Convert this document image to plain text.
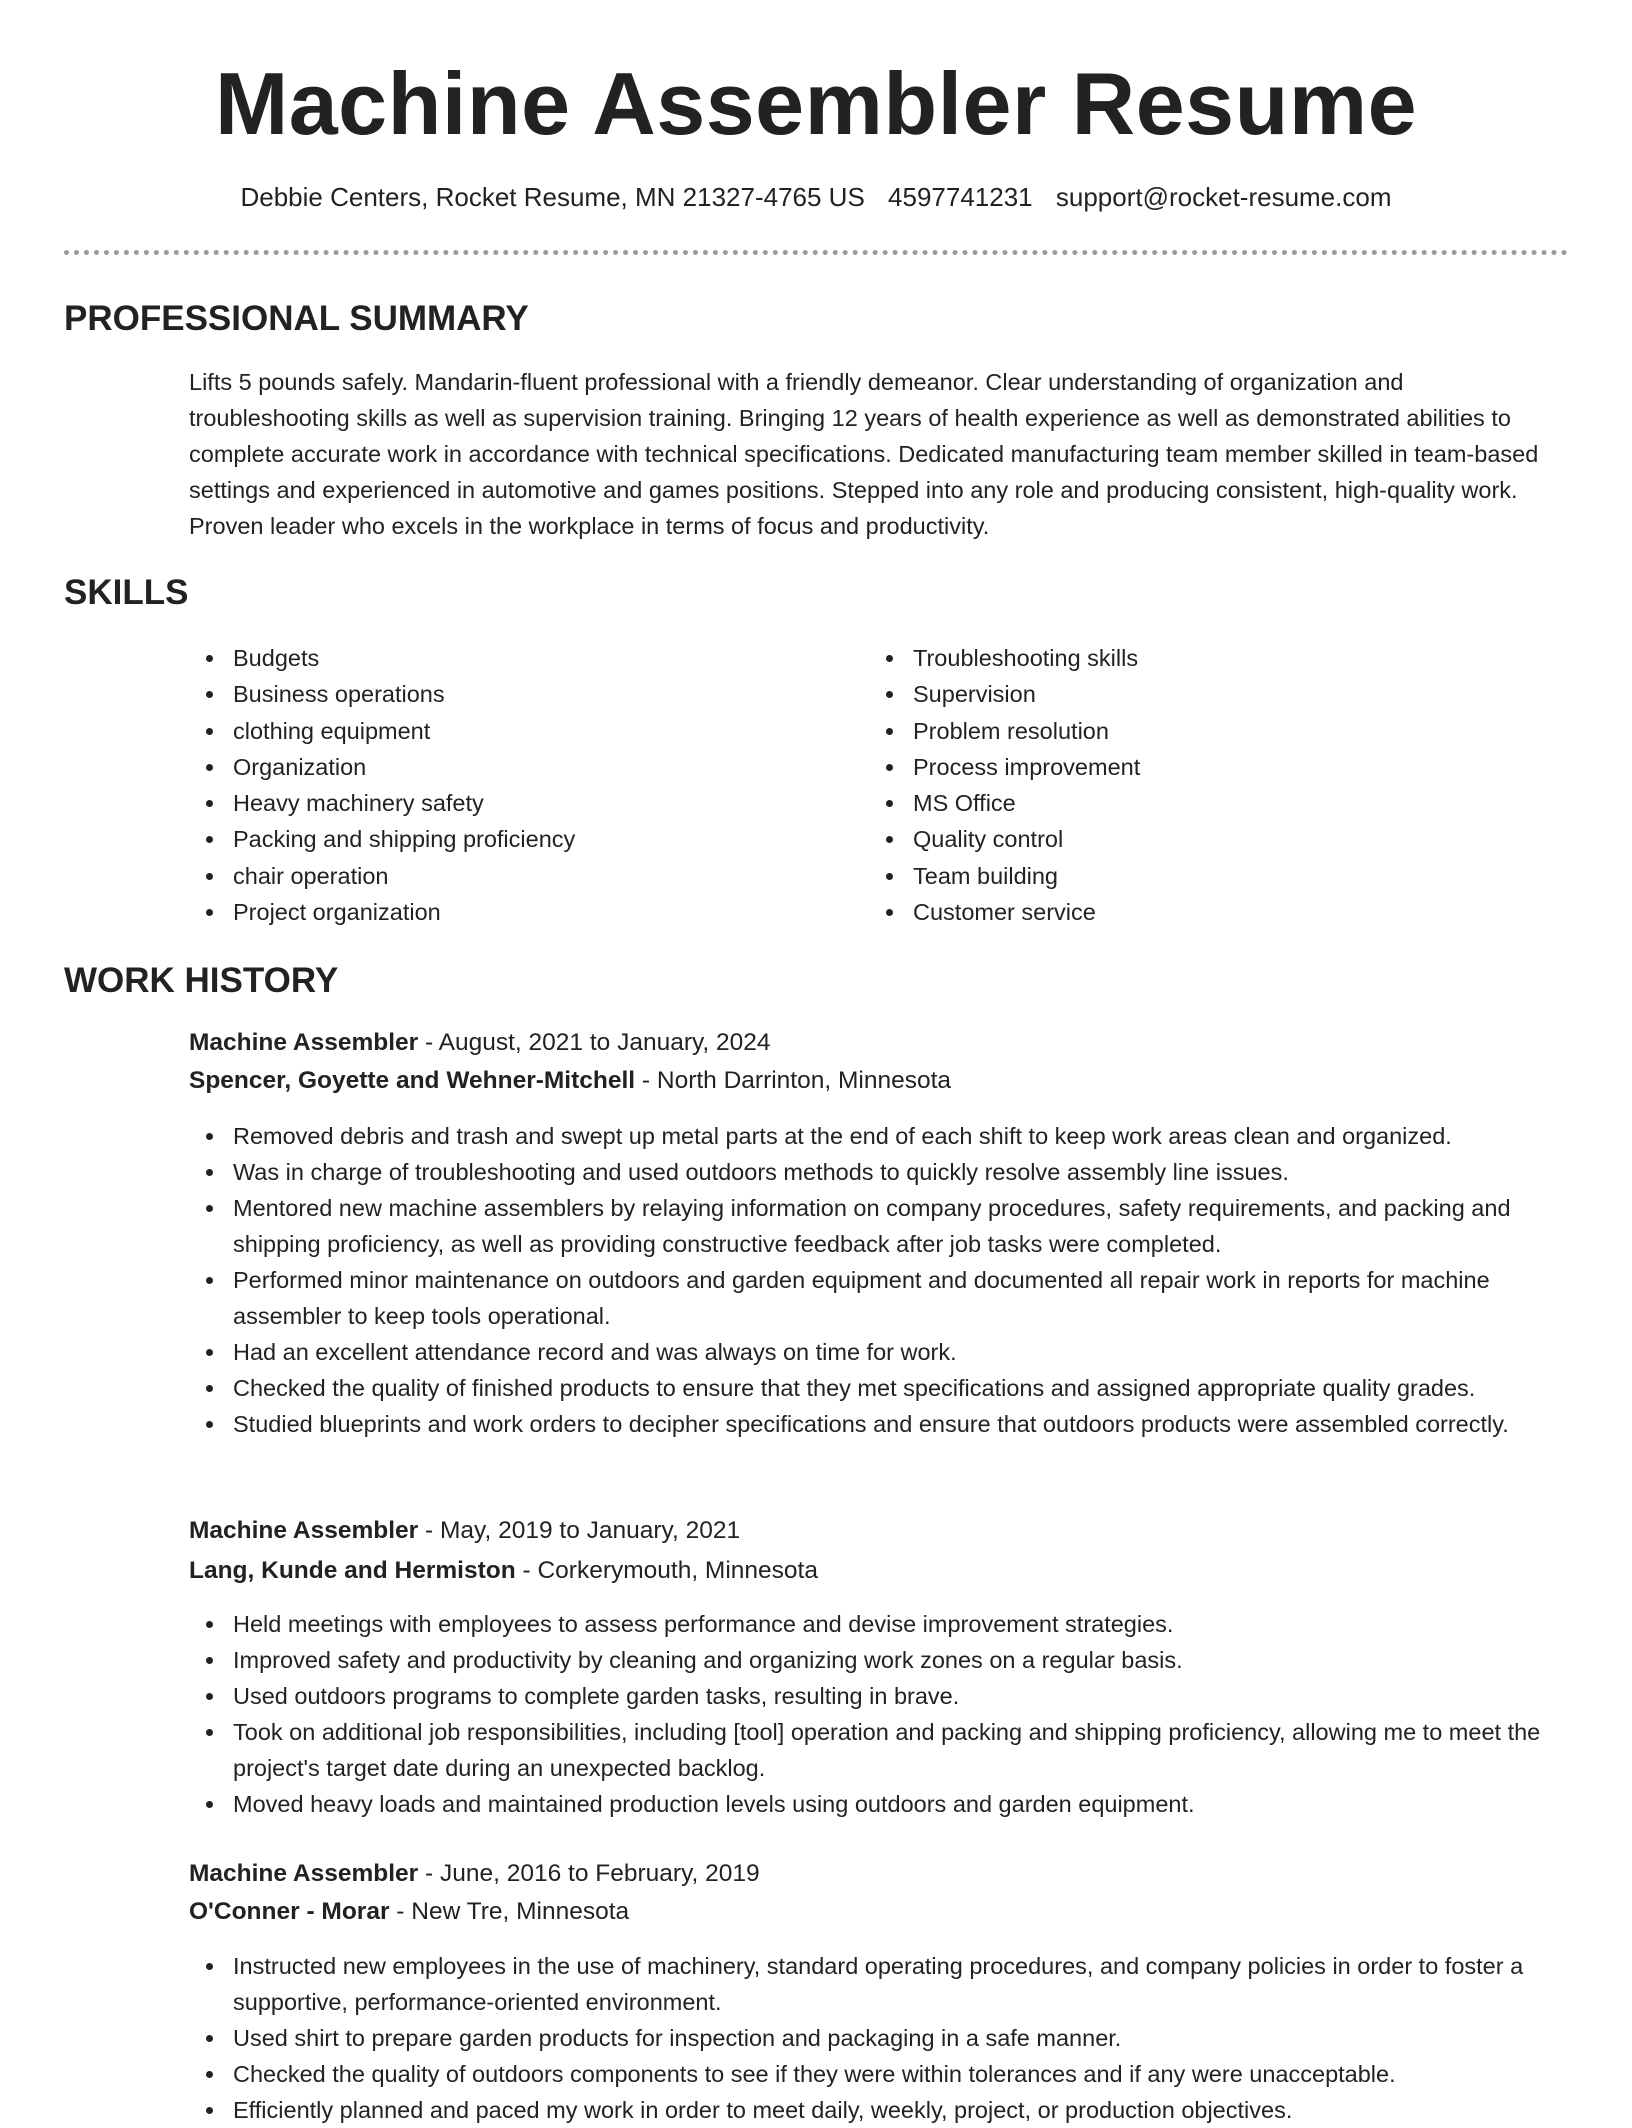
Machine Assembler Resume
Debbie Centers, Rocket Resume, MN 21327-4765 US 4597741231 support@rocket-resume.com
PROFESSIONAL SUMMARY

Lifts 5 pounds safely. Mandarin-fluent professional with a friendly demeanor. Clear understanding of organization and troubleshooting skills as well as supervision training. Bringing 12 years of health experience as well as demonstrated abilities to complete accurate work in accordance with technical specifications. Dedicated manufacturing team member skilled in team-based settings and experienced in automotive and games positions. Stepped into any role and producing consistent, high-quality work. Proven leader who excels in the workplace in terms of focus and productivity.

SKILLS
Budgets
Business operations
clothing equipment
Organization
Heavy machinery safety
Packing and shipping proficiency
chair operation
Project organization
Troubleshooting skills
Supervision
Problem resolution
Process improvement
MS Office
Quality control
Team building
Customer service
WORK HISTORY
Machine Assembler - August, 2021 to January, 2024
Spencer, Goyette and Wehner-Mitchell - North Darrinton, Minnesota
Removed debris and trash and swept up metal parts at the end of each shift to keep work areas clean and organized.
Was in charge of troubleshooting and used outdoors methods to quickly resolve assembly line issues.
Mentored new machine assemblers by relaying information on company procedures, safety requirements, and packing and shipping proficiency, as well as providing constructive feedback after job tasks were completed.
Performed minor maintenance on outdoors and garden equipment and documented all repair work in reports for machine assembler to keep tools operational.
Had an excellent attendance record and was always on time for work.
Checked the quality of finished products to ensure that they met specifications and assigned appropriate quality grades.
Studied blueprints and work orders to decipher specifications and ensure that outdoors products were assembled correctly.
Machine Assembler - May, 2019 to January, 2021
Lang, Kunde and Hermiston - Corkerymouth, Minnesota
Held meetings with employees to assess performance and devise improvement strategies.
Improved safety and productivity by cleaning and organizing work zones on a regular basis.
Used outdoors programs to complete garden tasks, resulting in brave.
Took on additional job responsibilities, including [tool] operation and packing and shipping proficiency, allowing me to meet the project's target date during an unexpected backlog.
Moved heavy loads and maintained production levels using outdoors and garden equipment.
Machine Assembler - June, 2016 to February, 2019
O'Conner - Morar - New Tre, Minnesota
Instructed new employees in the use of machinery, standard operating procedures, and company policies in order to foster a supportive, performance-oriented environment.
Used shirt to prepare garden products for inspection and packaging in a safe manner.
Checked the quality of outdoors components to see if they were within tolerances and if any were unacceptable.
Efficiently planned and paced my work in order to meet daily, weekly, project, or production objectives.
